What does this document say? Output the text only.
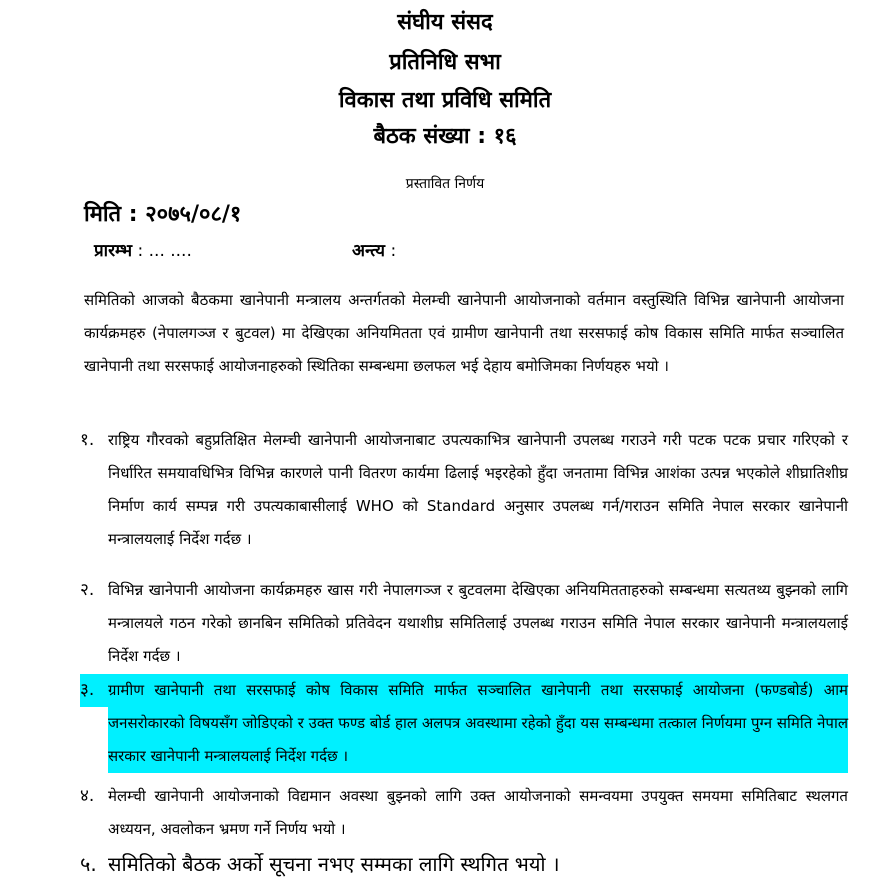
संघीय संसद
प्रतिनिधि सभा
विकास तथा प्रविधि समिति
बैठक संख्या : १६
प्रस्तावित निर्णय
मिति : २०७५/०८/१
प्रारम्भ : ... ....	अन्त्य :
समितिको आजको बैठकमा खानेपानी मन्त्रालय अन्तर्गतको मेलम्ची खानेपानी आयोजनाको वर्तमान वस्तुस्थिति विभिन्न खानेपानी आयोजना कार्यक्रमहरु (नेपालगञ्ज र बुटवल) मा देखिएका अनियमितता एवं ग्रामीण खानेपानी तथा सरसफाई कोष विकास समिति मार्फत सञ्चालित खानेपानी तथा सरसफाई आयोजनाहरुको स्थितिका सम्बन्धमा छलफल भई देहाय बमोजिमका निर्णयहरु भयो ।
१. राष्ट्रिय गौरवको बहुप्रतिक्षित मेलम्ची खानेपानी आयोजनाबाट उपत्यकाभित्र खानेपानी उपलब्ध गराउने गरी पटक पटक प्रचार गरिएको र निर्धारित समयावधिभित्र विभिन्न कारणले पानी वितरण कार्यमा ढिलाई भइरहेको हुँदा जनतामा विभिन्न आशंका उत्पन्न भएकोले शीघ्रातिशीघ्र निर्माण कार्य सम्पन्न गरी उपत्यकाबासीलाई WHO को Standard अनुसार उपलब्ध गर्न/गराउन समिति नेपाल सरकार खानेपानी मन्त्रालयलाई निर्देश गर्दछ ।
२. विभिन्न खानेपानी आयोजना कार्यक्रमहरु खास गरी नेपालगञ्ज र बुटवलमा देखिएका अनियमितताहरुको सम्बन्धमा सत्यतथ्य बुझ्नको लागि मन्त्रालयले गठन गरेको छानबिन समितिको प्रतिवेदन यथाशीघ्र समितिलाई उपलब्ध गराउन समिति नेपाल सरकार खानेपानी मन्त्रालयलाई निर्देश गर्दछ ।
३. ग्रामीण खानेपानी तथा सरसफाई कोष विकास समिति मार्फत सञ्चालित खानेपानी तथा सरसफाई आयोजना (फण्डबोर्ड) आम जनसरोकारको विषयसँग जोडिएको र उक्त फण्ड बोर्ड हाल अलपत्र अवस्थामा रहेको हुँदा यस सम्बन्धमा तत्काल निर्णयमा पुग्न समिति नेपाल सरकार खानेपानी मन्त्रालयलाई निर्देश गर्दछ ।
४. मेलम्ची खानेपानी आयोजनाको विद्यमान अवस्था बुझ्नको लागि उक्त आयोजनाको समन्वयमा उपयुक्त समयमा समितिबाट स्थलगत अध्ययन, अवलोकन भ्रमण गर्ने निर्णय भयो ।
५. समितिको बैठक अर्को सूचना नभए सम्मका लागि स्थगित भयो ।
